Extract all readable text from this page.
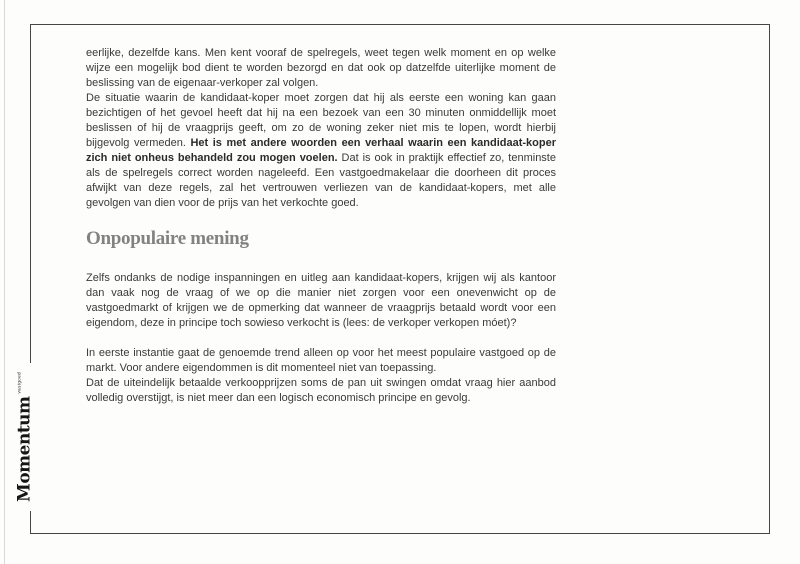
eerlijke, dezelfde kans. Men kent vooraf de spelregels, weet tegen welk moment en op welke wijze een mogelijk bod dient te worden bezorgd en dat ook op datzelfde uiterlijke moment de beslissing van de eigenaar-verkoper zal volgen.

De situatie waarin de kandidaat-koper moet zorgen dat hij als eerste een woning kan gaan bezichtigen of het gevoel heeft dat hij na een bezoek van een 30 minuten onmiddellijk moet beslissen of hij de vraagprijs geeft, om zo de woning zeker niet mis te lopen, wordt hierbij bijgevolg vermeden. Het is met andere woorden een verhaal waarin een kandidaat-koper zich niet onheus behandeld zou mogen voelen. Dat is ook in praktijk effectief zo, tenminste als de spelregels correct worden nageleefd. Een vastgoedmakelaar die doorheen dit proces afwijkt van deze regels, zal het vertrouwen verliezen van de kandidaat-kopers, met alle gevolgen van dien voor de prijs van het verkochte goed.

Onpopulaire mening

Zelfs ondanks de nodige inspanningen en uitleg aan kandidaat-kopers, krijgen wij als kantoor dan vaak nog de vraag of we op die manier niet zorgen voor een onevenwicht op de vastgoedmarkt of krijgen we de opmerking dat wanneer de vraagprijs betaald wordt voor een eigendom, deze in principe toch sowieso verkocht is (lees: de verkoper verkopen móet)?

In eerste instantie gaat de genoemde trend alleen op voor het meest populaire vastgoed op de markt. Voor andere eigendommen is dit momenteel niet van toepassing.

Dat de uiteindelijk betaalde verkoopprijzen soms de pan uit swingen omdat vraag hier aanbod volledig overstijgt, is niet meer dan een logisch economisch principe en gevolg.

Momentumvastgoed
